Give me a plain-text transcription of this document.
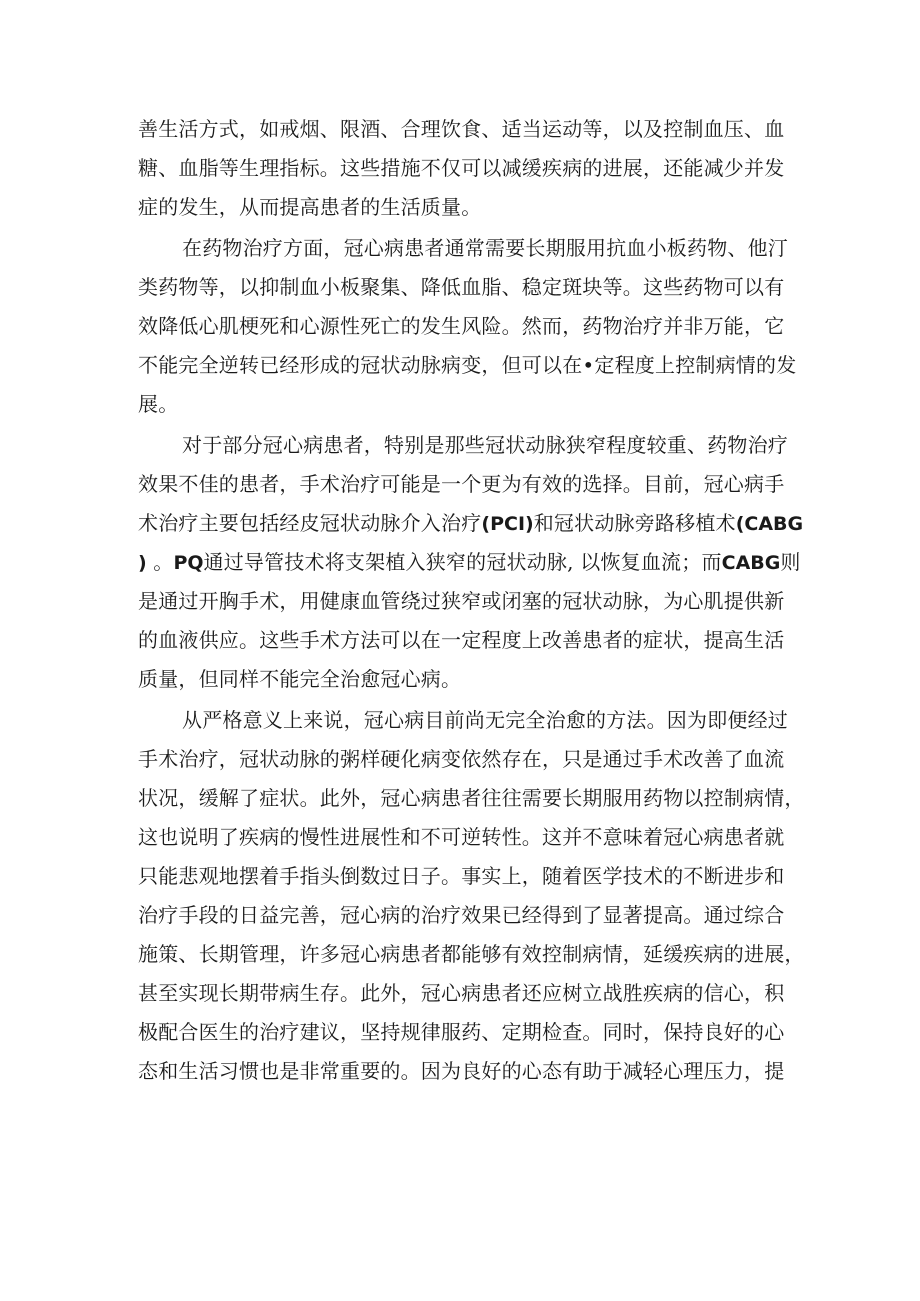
善生活方式，如戒烟、限酒、合理饮食、适当运动等，以及控制血压、血
糖、血脂等生理指标。这些措施不仅可以减缓疾病的进展，还能减少并发
症的发生，从而提高患者的生活质量。
在药物治疗方面，冠心病患者通常需要长期服用抗血小板药物、他汀
类药物等，以抑制血小板聚集、降低血脂、稳定斑块等。这些药物可以有
效降低心肌梗死和心源性死亡的发生风险。然而，药物治疗并非万能，它
不能完全逆转已经形成的冠状动脉病变，但可以在•定程度上控制病情的发
展。
对于部分冠心病患者，特别是那些冠状动脉狭窄程度较重、药物治疗
效果不佳的患者，手术治疗可能是一个更为有效的选择。目前，冠心病手
术治疗主要包括经皮冠状动脉介入治疗(PCI)和冠状动脉旁路移植术(CABG
) 。PQ通过导管技术将支架植入狭窄的冠状动脉, 以恢复血流；而CABG则
是通过开胸手术，用健康血管绕过狭窄或闭塞的冠状动脉，为心肌提供新
的血液供应。这些手术方法可以在一定程度上改善患者的症状，提高生活
质量，但同样不能完全治愈冠心病。
从严格意义上来说，冠心病目前尚无完全治愈的方法。因为即便经过
手术治疗，冠状动脉的粥样硬化病变依然存在，只是通过手术改善了血流
状况，缓解了症状。此外，冠心病患者往往需要长期服用药物以控制病情，
这也说明了疾病的慢性进展性和不可逆转性。这并不意味着冠心病患者就
只能悲观地摆着手指头倒数过日子。事实上，随着医学技术的不断进步和
治疗手段的日益完善，冠心病的治疗效果已经得到了显著提高。通过综合
施策、长期管理，许多冠心病患者都能够有效控制病情，延缓疾病的进展，
甚至实现长期带病生存。此外，冠心病患者还应树立战胜疾病的信心，积
极配合医生的治疗建议，坚持规律服药、定期检查。同时，保持良好的心
态和生活习惯也是非常重要的。因为良好的心态有助于减轻心理压力，提
